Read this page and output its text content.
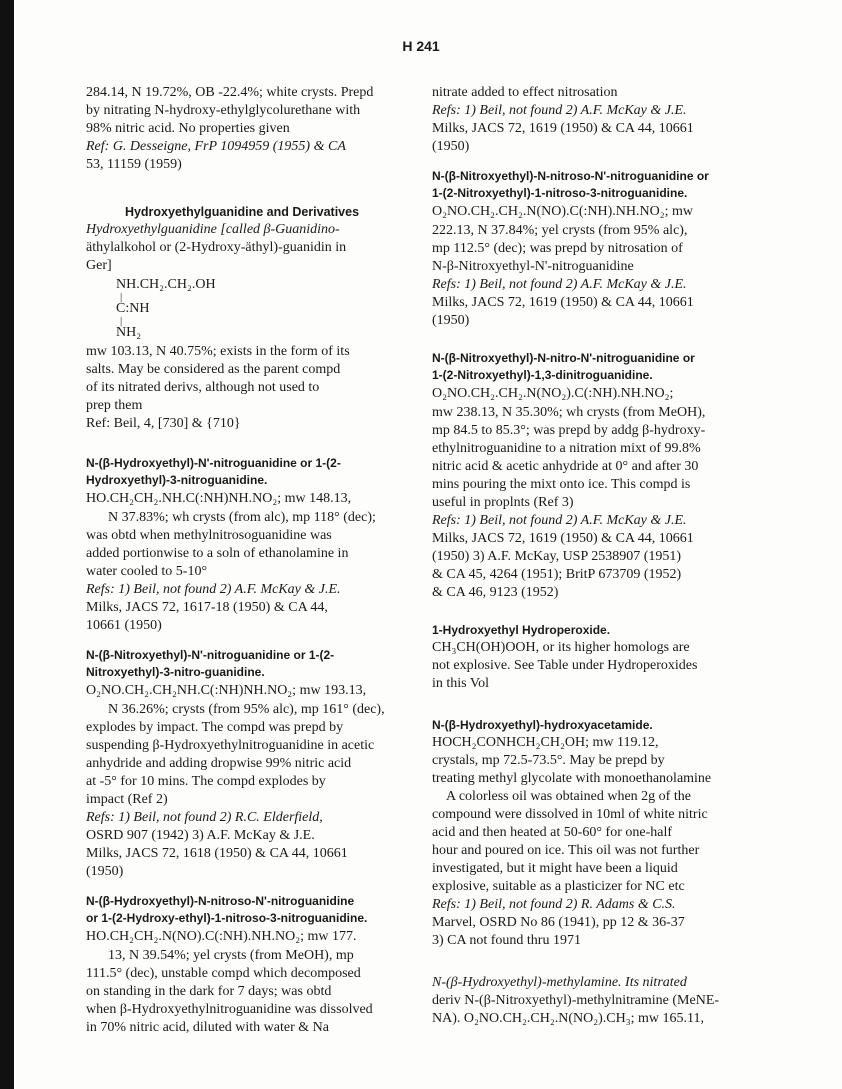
H 241

284.14, N 19.72%, OB -22.4%; white crysts. Prepd

by nitrating N-hydroxy-ethylglycolurethane with

98% nitric acid. No properties given

Ref: G. Desseigne, FrP 1094959 (1955) & CA

53, 11159 (1959)

Hydroxyethylguanidine and Derivatives

Hydroxyethylguanidine [called β-Guanidino-

äthylalkohol or (2-Hydroxy-äthyl)-guanidin in

Ger]

NH.CH₂.CH₂.OH
|
C:NH
|
NH₂

mw 103.13, N 40.75%; exists in the form of its

salts. May be considered as the parent compd

of its nitrated derivs, although not used to

prep them

Ref: Beil, 4, [730] & {710}

N-(β-Hydroxyethyl)-N'-nitroguanidine or 1-(2-

Hydroxyethyl)-3-nitroguanidine.

HO.CH₂CH₂.NH.C(:NH)NH.NO₂; mw 148.13,

N 37.83%; wh crysts (from alc), mp 118° (dec);

was obtd when methylnitrosoguanidine was

added portionwise to a soln of ethanolamine in

water cooled to 5-10°

Refs: 1) Beil, not found 2) A.F. McKay & J.E.

Milks, JACS 72, 1617-18 (1950) & CA 44,

10661 (1950)

N-(β-Nitroxyethyl)-N'-nitroguanidine or 1-(2-

Nitroxyethyl)-3-nitro-guanidine.

O₂NO.CH₂.CH₂NH.C(:NH)NH.NO₂; mw 193.13,

N 36.26%; crysts (from 95% alc), mp 161° (dec),

explodes by impact. The compd was prepd by

suspending β-Hydroxyethylnitroguanidine in acetic

anhydride and adding dropwise 99% nitric acid

at -5° for 10 mins. The compd explodes by

impact (Ref 2)

Refs: 1) Beil, not found 2) R.C. Elderfield,

OSRD 907 (1942) 3) A.F. McKay & J.E.

Milks, JACS 72, 1618 (1950) & CA 44, 10661

(1950)

N-(β-Hydroxyethyl)-N-nitroso-N'-nitroguanidine

or 1-(2-Hydroxy-ethyl)-1-nitroso-3-nitroguanidine.

HO.CH₂CH₂.N(NO).C(:NH).NH.NO₂; mw 177.

13, N 39.54%; yel crysts (from MeOH), mp

111.5° (dec), unstable compd which decomposed

on standing in the dark for 7 days; was obtd

when β-Hydroxyethylnitroguanidine was dissolved

in 70% nitric acid, diluted with water & Na

nitrate added to effect nitrosation

Refs: 1) Beil, not found 2) A.F. McKay & J.E.

Milks, JACS 72, 1619 (1950) & CA 44, 10661

(1950)

N-(β-Nitroxyethyl)-N-nitroso-N'-nitroguanidine or

1-(2-Nitroxyethyl)-1-nitroso-3-nitroguanidine.

O₂NO.CH₂.CH₂.N(NO).C(:NH).NH.NO₂; mw

222.13, N 37.84%; yel crysts (from 95% alc),

mp 112.5° (dec); was prepd by nitrosation of

N-β-Nitroxyethyl-N'-nitroguanidine

Refs: 1) Beil, not found 2) A.F. McKay & J.E.

Milks, JACS 72, 1619 (1950) & CA 44, 10661

(1950)

N-(β-Nitroxyethyl)-N-nitro-N'-nitroguanidine or

1-(2-Nitroxyethyl)-1,3-dinitroguanidine.

O₂NO.CH₂.CH₂.N(NO₂).C(:NH).NH.NO₂;

mw 238.13, N 35.30%; wh crysts (from MeOH),

mp 84.5 to 85.3°; was prepd by addg β-hydroxy-

ethylnitroguanidine to a nitration mixt of 99.8%

nitric acid & acetic anhydride at 0° and after 30

mins pouring the mixt onto ice. This compd is

useful in proplnts (Ref 3)

Refs: 1) Beil, not found 2) A.F. McKay & J.E.

Milks, JACS 72, 1619 (1950) & CA 44, 10661

(1950) 3) A.F. McKay, USP 2538907 (1951)

& CA 45, 4264 (1951); BritP 673709 (1952)

& CA 46, 9123 (1952)

1-Hydroxyethyl Hydroperoxide.

CH₃CH(OH)OOH, or its higher homologs are

not explosive. See Table under Hydroperoxides

in this Vol

N-(β-Hydroxyethyl)-hydroxyacetamide.

HOCH₂CONHCH₂CH₂OH; mw 119.12,

crystals, mp 72.5-73.5°. May be prepd by

treating methyl glycolate with monoethanolamine

A colorless oil was obtained when 2g of the

compound were dissolved in 10ml of white nitric

acid and then heated at 50-60° for one-half

hour and poured on ice. This oil was not further

investigated, but it might have been a liquid

explosive, suitable as a plasticizer for NC etc

Refs: 1) Beil, not found 2) R. Adams & C.S.

Marvel, OSRD No 86 (1941), pp 12 & 36-37

3) CA not found thru 1971

N-(β-Hydroxyethyl)-methylamine. Its nitrated

deriv N-(β-Nitroxyethyl)-methylnitramine (MeNE-

NA). O₂NO.CH₂.CH₂.N(NO₂).CH₃; mw 165.11,
